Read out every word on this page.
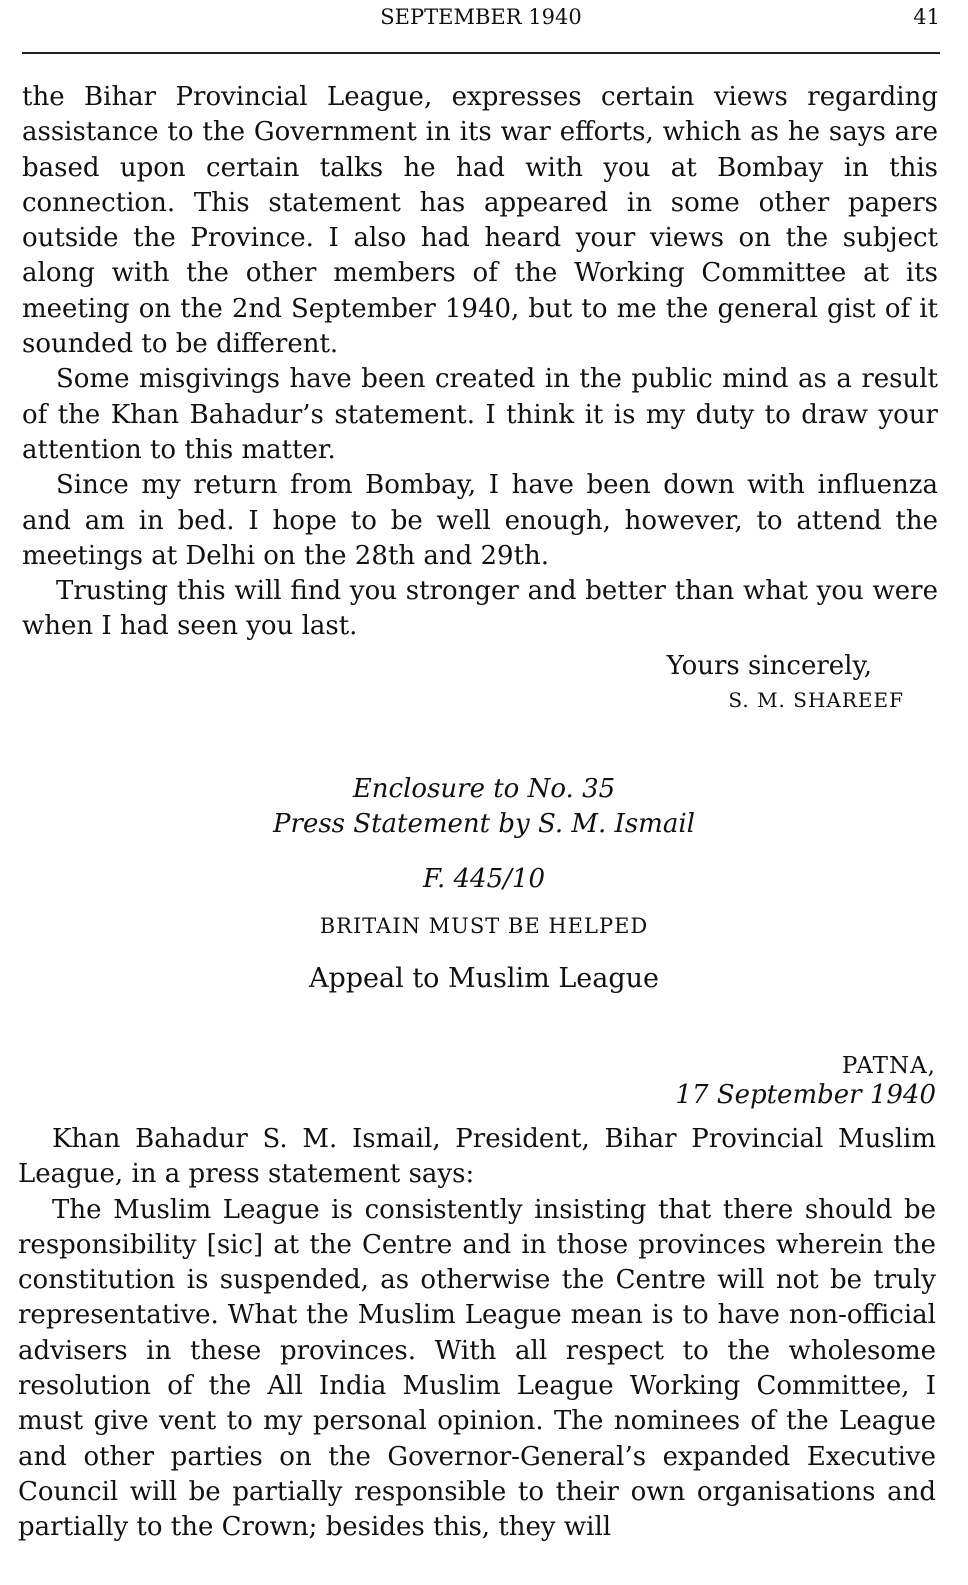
SEPTEMBER 1940	41

the Bihar Provincial League, expresses certain views regarding assistance to the Government in its war efforts, which as he says are based upon certain talks he had with you at Bombay in this connection. This statement has appeared in some other papers outside the Province. I also had heard your views on the subject along with the other members of the Working Committee at its meeting on the 2nd September 1940, but to me the general gist of it sounded to be different.

Some misgivings have been created in the public mind as a result of the Khan Bahadur’s statement. I think it is my duty to draw your attention to this matter.

Since my return from Bombay, I have been down with influenza and am in bed. I hope to be well enough, however, to attend the meetings at Delhi on the 28th and 29th.

Trusting this will find you stronger and better than what you were when I had seen you last.

Yours sincerely,
S. M. SHAREEF
Enclosure to No. 35
Press Statement by S. M. Ismail
F. 445/10
BRITAIN MUST BE HELPED
Appeal to Muslim League
PATNA,
17 September 1940

Khan Bahadur S. M. Ismail, President, Bihar Provincial Muslim League, in a press statement says:

The Muslim League is consistently insisting that there should be responsibility [sic] at the Centre and in those provinces wherein the constitution is suspended, as otherwise the Centre will not be truly representative. What the Muslim League mean is to have non-official advisers in these provinces. With all respect to the wholesome resolution of the All India Muslim League Working Committee, I must give vent to my personal opinion. The nominees of the League and other parties on the Governor-General’s expanded Executive Council will be partially responsible to their own organisations and partially to the Crown; besides this, they will
